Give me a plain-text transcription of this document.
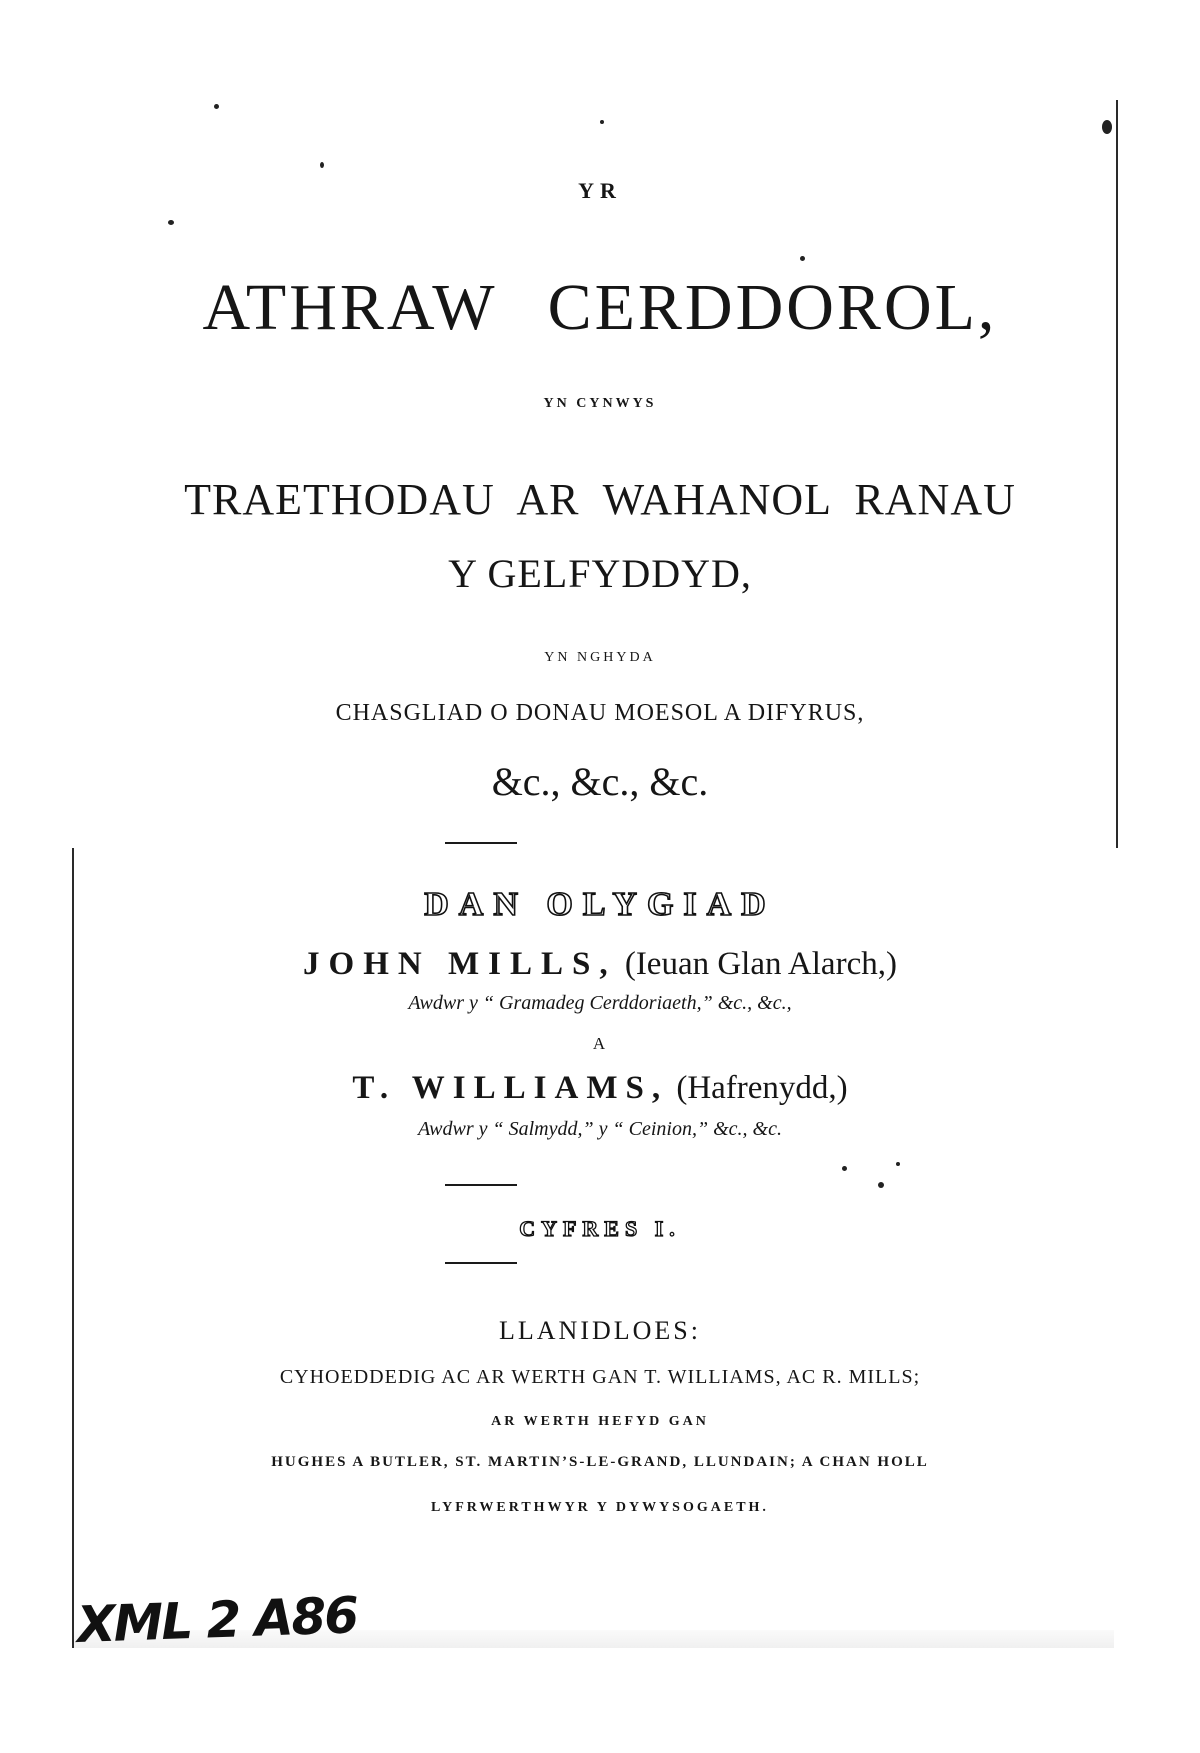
YR
ATHRAW CERDDOROL,
YN CYNWYS
TRAETHODAU  AR  WAHANOL  RANAU
Y GELFYDDYD,
YN NGHYDA
CHASGLIAD O DONAU MOESOL A DIFYRUS,
&c., &c., &c.
DAN OLYGIAD
JOHN MILLS, (Ieuan Glan Alarch,)
Awdwr y “ Gramadeg Cerddoriaeth,” &c., &c.,
A
T. WILLIAMS, (Hafrenydd,)
Awdwr y “ Salmydd,” y “ Ceinion,” &c., &c.
CYFRES I.
LLANIDLOES:
CYHOEDDEDIG AC AR WERTH GAN T. WILLIAMS, AC R. MILLS;
AR WERTH HEFYD GAN
HUGHES A BUTLER, ST. MARTIN’S-LE-GRAND, LLUNDAIN; A CHAN HOLL
LYFRWERTHWYR Y DYWYSOGAETH.
XML 2 A86
